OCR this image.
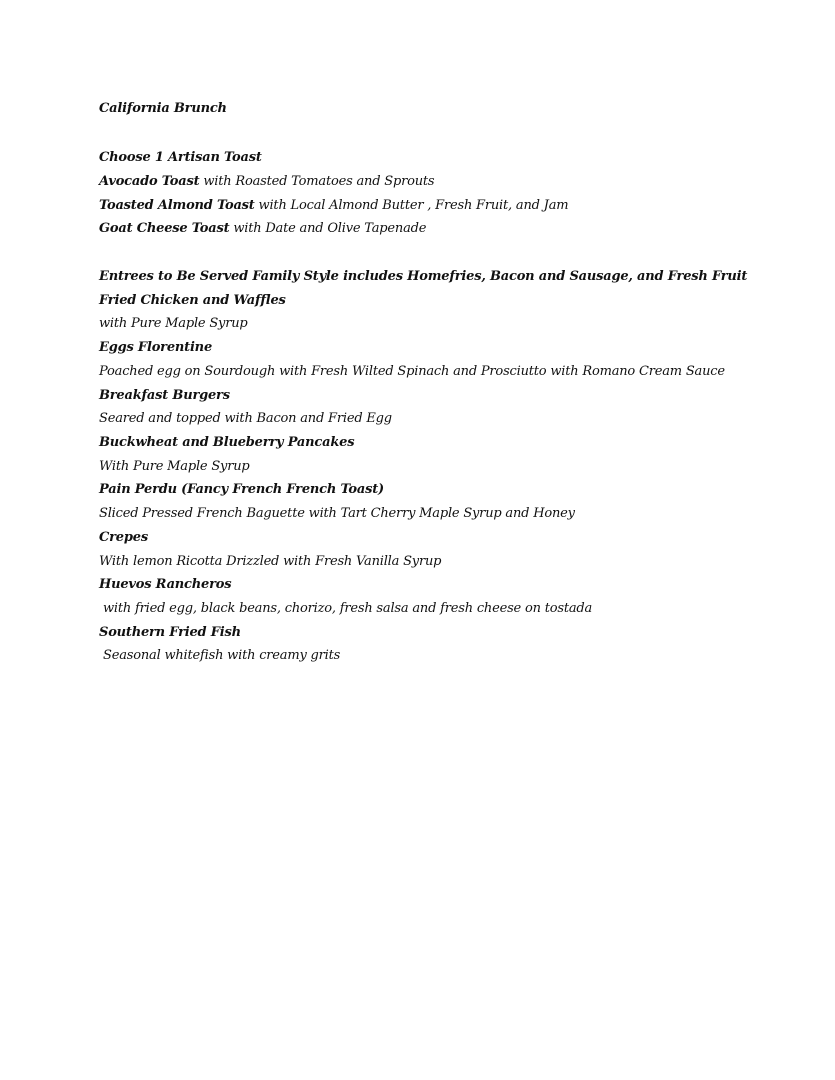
California Brunch
Choose 1 Artisan Toast
Avocado Toast with Roasted Tomatoes and Sprouts
Toasted Almond Toast with Local Almond Butter , Fresh Fruit, and Jam
Goat Cheese Toast with Date and Olive Tapenade
Entrees to Be Served Family Style includes Homefries, Bacon and Sausage, and Fresh Fruit
Fried Chicken and Waffles
with Pure Maple Syrup
Eggs Florentine
Poached egg on Sourdough with Fresh Wilted Spinach and Prosciutto with Romano Cream Sauce
Breakfast Burgers
Seared and topped with Bacon and Fried Egg
Buckwheat and Blueberry Pancakes
With Pure Maple Syrup
Pain Perdu (Fancy French French Toast)
Sliced Pressed French Baguette with Tart Cherry Maple Syrup and Honey
Crepes
With lemon Ricotta Drizzled with Fresh Vanilla Syrup
Huevos Rancheros
with fried egg, black beans, chorizo, fresh salsa and fresh cheese on tostada
Southern Fried Fish
Seasonal whitefish with creamy grits
